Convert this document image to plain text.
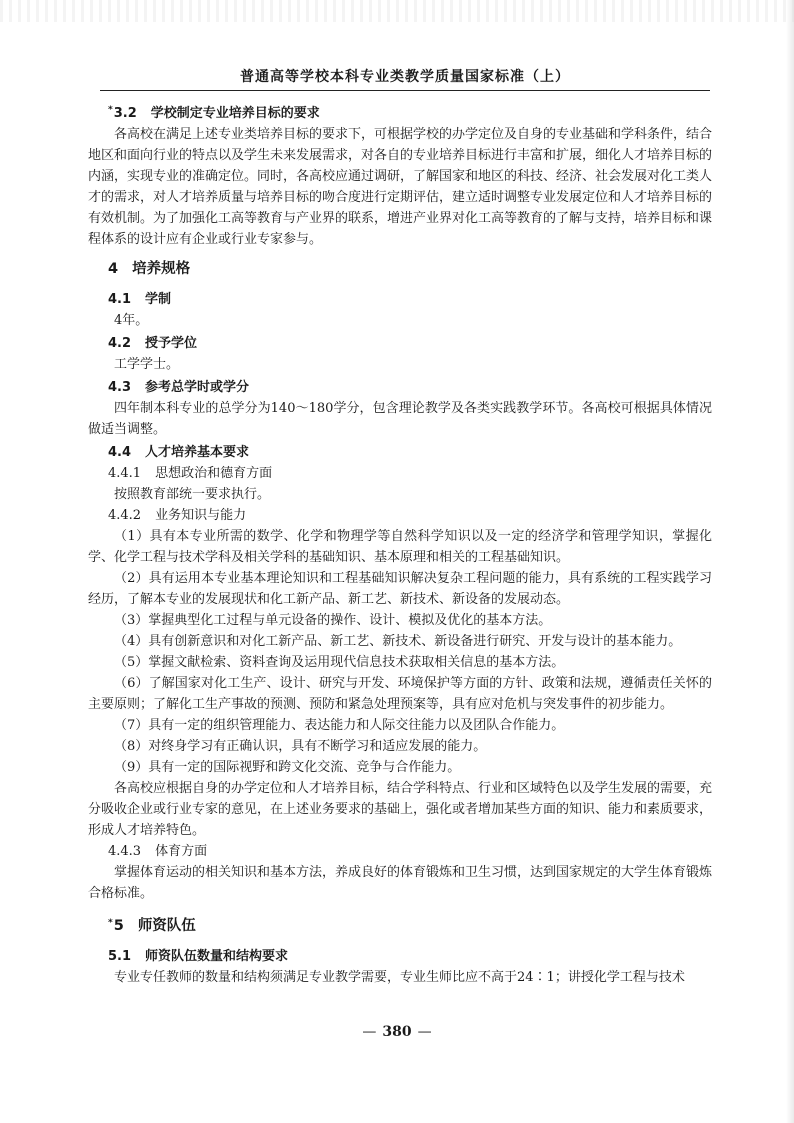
普通高等学校本科专业类教学质量国家标准（上）
*3.2 学校制定专业培养目标的要求

各高校在满足上述专业类培养目标的要求下，可根据学校的办学定位及自身的专业基础和学科条件，结合地区和面向行业的特点以及学生未来发展需求，对各自的专业培养目标进行丰富和扩展，细化人才培养目标的内涵，实现专业的准确定位。同时，各高校应通过调研，了解国家和地区的科技、经济、社会发展对化工类人才的需求，对人才培养质量与培养目标的吻合度进行定期评估，建立适时调整专业发展定位和人才培养目标的有效机制。为了加强化工高等教育与产业界的联系，增进产业界对化工高等教育的了解与支持，培养目标和课程体系的设计应有企业或行业专家参与。

4 培养规格
4.1 学制

4年。

4.2 授予学位

工学学士。

4.3 参考总学时或学分

四年制本科专业的总学分为140～180学分，包含理论教学及各类实践教学环节。各高校可根据具体情况做适当调整。

4.4 人才培养基本要求
4.4.1 思想政治和德育方面

按照教育部统一要求执行。

4.4.2 业务知识与能力

（1）具有本专业所需的数学、化学和物理学等自然科学知识以及一定的经济学和管理学知识，掌握化学、化学工程与技术学科及相关学科的基础知识、基本原理和相关的工程基础知识。

（2）具有运用本专业基本理论知识和工程基础知识解决复杂工程问题的能力，具有系统的工程实践学习经历，了解本专业的发展现状和化工新产品、新工艺、新技术、新设备的发展动态。

（3）掌握典型化工过程与单元设备的操作、设计、模拟及优化的基本方法。

（4）具有创新意识和对化工新产品、新工艺、新技术、新设备进行研究、开发与设计的基本能力。

（5）掌握文献检索、资料查询及运用现代信息技术获取相关信息的基本方法。

（6）了解国家对化工生产、设计、研究与开发、环境保护等方面的方针、政策和法规，遵循责任关怀的主要原则；了解化工生产事故的预测、预防和紧急处理预案等，具有应对危机与突发事件的初步能力。

（7）具有一定的组织管理能力、表达能力和人际交往能力以及团队合作能力。

（8）对终身学习有正确认识，具有不断学习和适应发展的能力。

（9）具有一定的国际视野和跨文化交流、竞争与合作能力。

各高校应根据自身的办学定位和人才培养目标，结合学科特点、行业和区域特色以及学生发展的需要，充分吸收企业或行业专家的意见，在上述业务要求的基础上，强化或者增加某些方面的知识、能力和素质要求，形成人才培养特色。

4.4.3 体育方面

掌握体育运动的相关知识和基本方法，养成良好的体育锻炼和卫生习惯，达到国家规定的大学生体育锻炼合格标准。

*5 师资队伍
5.1 师资队伍数量和结构要求

专业专任教师的数量和结构须满足专业教学需要，专业生师比应不高于24∶1；讲授化学工程与技术

— 380 —
